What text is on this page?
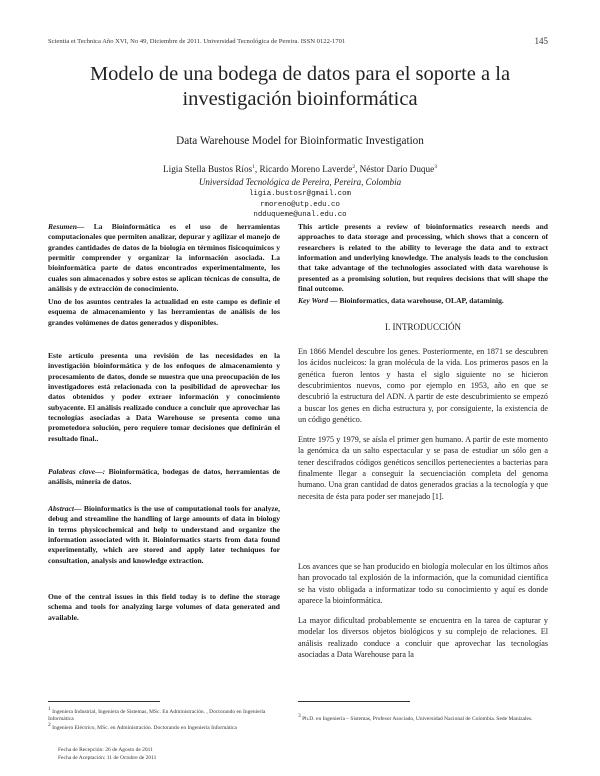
Scientia et Technica Año XVI, No 49, Diciembre de 2011. Universidad Tecnológica de Pereira. ISSN 0122-1701	145
Modelo de una bodega de datos para el soporte a la investigación bioinformática
Data Warehouse Model for Bioinformatic Investigation
Ligia Stella Bustos Ríos$^1$, Ricardo Moreno Laverde$^2$, Néstor Darío Duque$^3$
Universidad Tecnológica de Pereira, Pereira, Colombia
ligia.bustosr@gmail.com
rmoreno@utp.edu.co
ndduqueme@unal.edu.co

Resumen— La Bioinformática es el uso de herramientas computacionales que permiten analizar, depurar y agilizar el manejo de grandes cantidades de datos de la biología en términos fisicoquímicos y permitir comprender y organizar la información asociada. La bioinformática parte de datos encontrados experimentalmente, los cuales son almacenados y sobre estos se aplican técnicas de consulta, de análisis y de extracción de conocimiento.

Uno de los asuntos centrales la actualidad en este campo es definir el esquema de almacenamiento y las herramientas de análisis de los grandes volúmenes de datos generados y disponibles.
Este artículo presenta una revisión de las necesidades en la investigación bioinformática y de los enfoques de almacenamiento y procesamiento de datos, donde se muestra que una preocupación de los investigadores está relacionada con la posibilidad de aprovechar los datos obtenidos y poder extraer información y conocimiento subyacente. El análisis realizado conduce a concluir que aprovechar las tecnologías asociadas a Data Warehouse se presenta como una prometedora solución, pero requiere tomar decisiones que definirán el resultado final..
Palabras clave—: Bioinformática, bodegas de datos, herramientas de análisis, minería de datos.
Abstract— Bioinformatics is the use of computational tools for analyze, debug and streamline the handling of large amounts of data in biology in terms physicochemical and help to understand and organize the information associated with it. Bioinformatics starts from data found experimentally, which are stored and apply later techniques for consultation, analysis and knowledge extraction.
One of the central issues in this field today is to define the storage schema and tools for analyzing large volumes of data generated and available.
$^1$ Ingeniera Industrial, Ingeniera de Sistemas, MSc. En Administración. , Doctorando en Ingeniería Informática
$^2$ Ingeniero Eléctrico, MSc. en Administración. Doctorando en Ingeniería Informática
Fecha de Recepción: 26 de Agosto de 2011
Fecha de Aceptación: 11 de Octubre de 2011
This article presents a review of bioinformatics research needs and approaches to data storage and processing, which shows that a concern of researchers is related to the ability to leverage the data and to extract information and underlying knowledge. The analysis leads to the conclusion that take advantage of the technologies associated with data warehouse is presented as a promising solution, but requires decisions that will shape the final outcome.
Key Word — Bioinformatics, data warehouse, OLAP, dataminig.
I. INTRODUCCIÓN
En 1866 Mendel descubre los genes. Posteriormente, en 1871 se descubren los ácidos nucleicos: la gran molécula de la vida. Los primeros pasos en la genética fueron lentos y hasta el siglo siguiente no se hicieron descubrimientos nuevos, como por ejemplo en 1953, año en que se descubrió la estructura del ADN. A partir de este descubrimiento se empezó a buscar los genes en dicha estructura y, por consiguiente, la existencia de un código genético.
Entre 1975 y 1979, se aísla el primer gen humano. A partir de este momento la genómica da un salto espectacular y se pasa de estudiar un sólo gen a tener descifrados códigos genéticos sencillos pertenecientes a bacterias para finalmente llegar a conseguir la secuenciación completa del genoma humano. Una gran cantidad de datos generados gracias a la tecnología y que necesita de ésta para poder ser manejado [1].
Los avances que se han producido en biología molecular en los últimos años han provocado tal explosión de la información, que la comunidad científica se ha visto obligada a informatizar todo su conocimiento y aquí es donde aparece la bioinformática.
La mayor dificultad probablemente se encuentra en la tarea de capturar y modelar los diversos objetos biológicos y su complejo de relaciones. El análisis realizado conduce a concluir que aprovechar las tecnologías asociadas a Data Warehouse para la
$^3$ Ph.D. en Ingeniería – Sistemas, Profesor Asociado, Universidad Nacional de Colombia. Sede Manizales.
